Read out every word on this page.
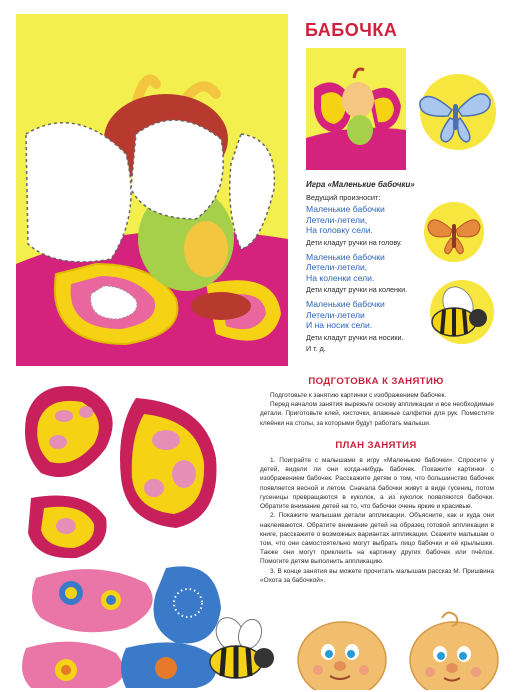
БАБОЧКА
Игра «Маленькие бабочки»
Ведущий произносит:
Маленькие бабочки
Летели-летели,
На головку сели.
Дети кладут ручки на голову.
Маленькие бабочки
Летели-летели,
На коленки сели.
Дети кладут ручки на коленки.
Маленькие бабочки
Летели-летели
И на носик сели.
Дети кладут ручки на носики.
И т. д.
ПОДГОТОВКА К ЗАНЯТИЮ
Подготовьте к занятию картинки с изображением бабочек.
Перед началом занятия вырежьте основу аппликации и все необходимые детали. Приготовьте клей, кисточки, влажные салфетки для рук. Поместите клеёнки на столы, за которыми будут работать малыши.
ПЛАН ЗАНЯТИЯ
1. Поиграйте с малышами в игру «Маленькие бабочки». Спросите у детей, видели ли они когда-нибудь бабочек. Покажите картинки с изображением бабочек. Расскажите детям о том, что большинство бабочек появляется весной и летом. Сначала бабочки живут в виде гусениц, потом гусеницы превращаются в куколок, а из куколок появляются бабочки. Обратите внимание детей на то, что бабочки очень яркие и красивые.
2. Покажите малышам детали аппликации. Объясните, как и куда они наклеиваются. Обратите внимание детей на образец готовой аппликации в книге, расскажите о возможных вариантах аппликации. Скажите малышам о том, что они самостоятельно могут выбрать лицо бабочки и её крылышки. Также они могут приклеить на картинку других бабочек или пчёлок. Помогите детям выполнить аппликацию.
3. В конце занятия вы можете прочитать малышам рассказ М. Пришвина «Охота за бабочкой».
